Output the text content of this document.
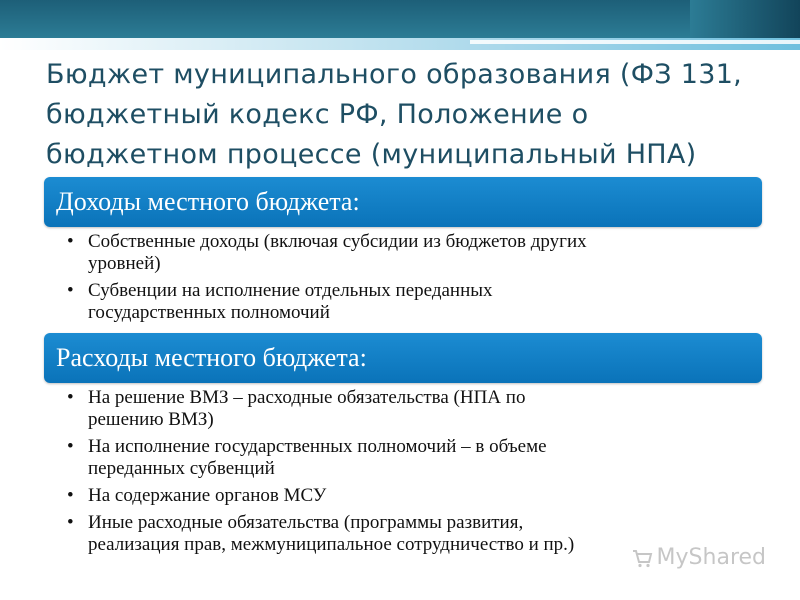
Бюджет муниципального образования (ФЗ 131,
бюджетный кодекс РФ, Положение о
бюджетном процессе (муниципальный НПА)
Доходы местного бюджета:
• Собственные доходы (включая субсидии из бюджетов других
уровней)
• Субвенции на исполнение отдельных переданных
государственных полномочий
Расходы местного бюджета:
• На решение ВМЗ – расходные обязательства (НПА по
решению ВМЗ)
• На исполнение государственных полномочий – в объеме
переданных субвенций
• На содержание органов МСУ
• Иные расходные обязательства (программы развития,
реализация прав, межмуниципальное сотрудничество и пр.)
MyShared
